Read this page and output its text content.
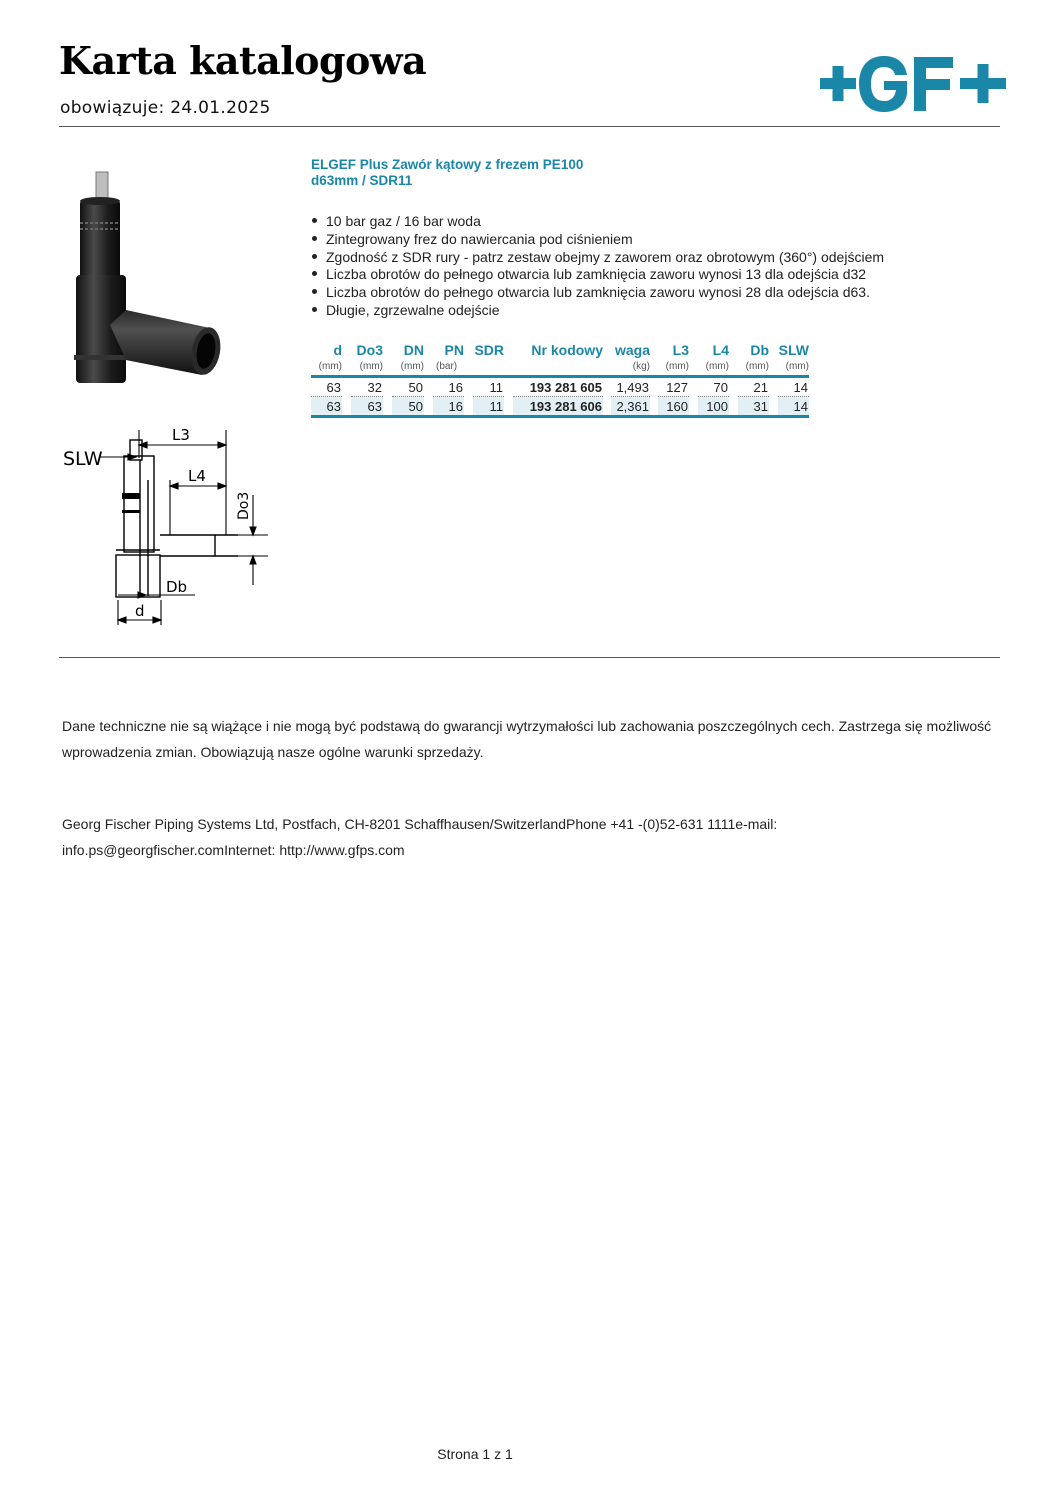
Karta katalogowa
obowiązuje: 24.01.2025
SLW
L3
L4
Do3
Db
d
ELGEF Plus Zawór kątowy z frezem PE100
d63mm / SDR11
10 bar gaz / 16 bar woda
Zintegrowany frez do nawiercania pod ciśnieniem
Zgodność z SDR rury - patrz zestaw obejmy z zaworem oraz obrotowym (360°) odejściem
Liczba obrotów do pełnego otwarcia lub zamknięcia zaworu wynosi 13 dla odejścia d32
Liczba obrotów do pełnego otwarcia lub zamknięcia zaworu wynosi 28 dla odejścia d63.
Długie, zgrzewalne odejście
d		Do3		DN		PN		SDR		Nr kodowy		waga		L3		L4		Db		SLW
(mm)		(mm)		(mm)		(bar)						(kg)		(mm)		(mm)		(mm)		(mm)
63		32		50		16		11		193 281 605		1,493		127		70		21		14
63		63		50		16		11		193 281 606		2,361		160		100		31		14

Dane techniczne nie są wiążące i nie mogą być podstawą do gwarancji wytrzymałości lub zachowania poszczególnych cech. Zastrzega się możliwość wprowadzenia zmian. Obowiązują nasze ogólne warunki sprzedaży.

Georg Fischer Piping Systems Ltd, Postfach, CH-8201 Schaffhausen/SwitzerlandPhone +41 -(0)52-631 1111e-mail: info.ps@georgfischer.comInternet: http://www.gfps.com

Strona 1 z 1
